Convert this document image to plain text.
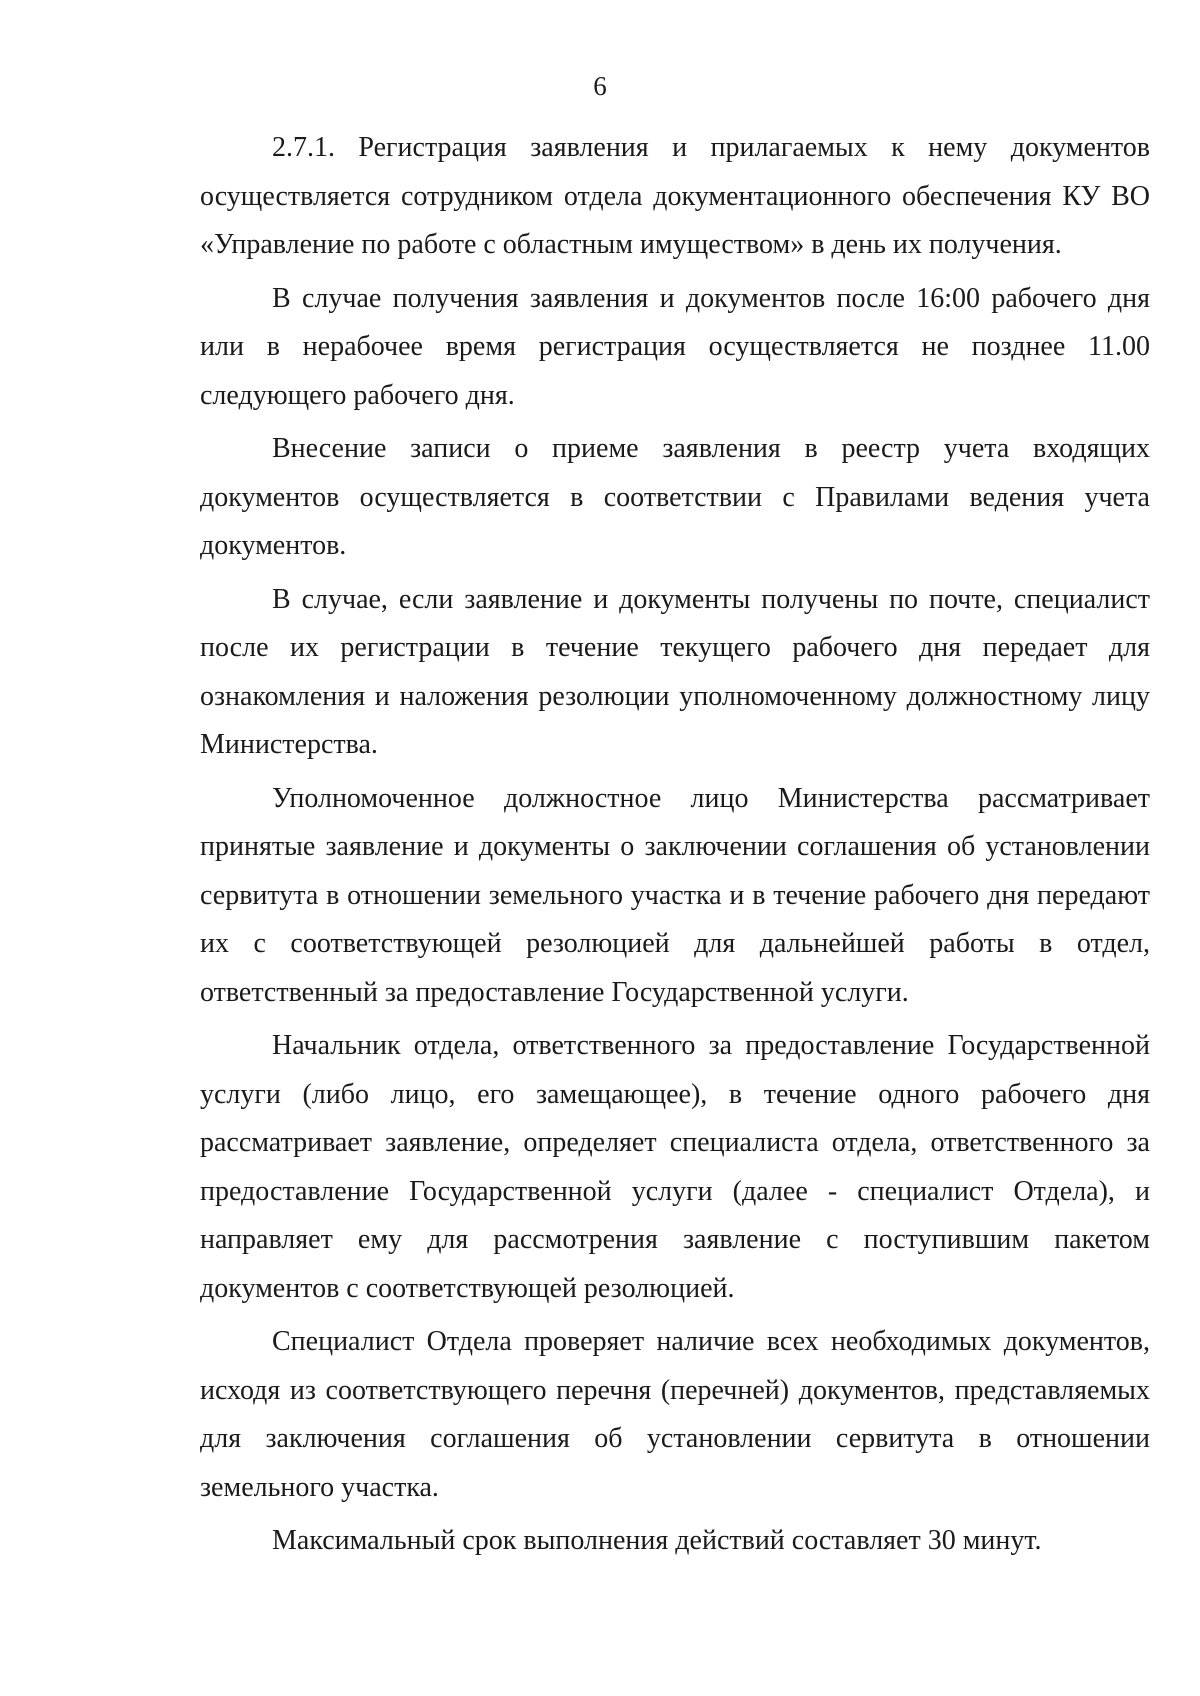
6

2.7.1. Регистрация заявления и прилагаемых к нему документов осуществляется сотрудником отдела документационного обеспечения КУ ВО «Управление по работе с областным имуществом» в день их получения.

В случае получения заявления и документов после 16:00 рабочего дня или в нерабочее время регистрация осуществляется не позднее 11.00 следующего рабочего дня.

Внесение записи о приеме заявления в реестр учета входящих документов осуществляется в соответствии с Правилами ведения учета документов.

В случае, если заявление и документы получены по почте, специалист после их регистрации в течение текущего рабочего дня передает для ознакомления и наложения резолюции уполномоченному должностному лицу Министерства.

Уполномоченное должностное лицо Министерства рассматривает принятые заявление и документы о заключении соглашения об установлении сервитута в отношении земельного участка и в течение рабочего дня передают их с соответствующей резолюцией для дальнейшей работы в отдел, ответственный за предоставление Государственной услуги.

Начальник отдела, ответственного за предоставление Государственной услуги (либо лицо, его замещающее), в течение одного рабочего дня рассматривает заявление, определяет специалиста отдела, ответственного за предоставление Государственной услуги (далее - специалист Отдела), и направляет ему для рассмотрения заявление с поступившим пакетом документов с соответствующей резолюцией.

Специалист Отдела проверяет наличие всех необходимых документов, исходя из соответствующего перечня (перечней) документов, представляемых для заключения соглашения об установлении сервитута в отношении земельного участка.

Максимальный срок выполнения действий составляет 30 минут.
